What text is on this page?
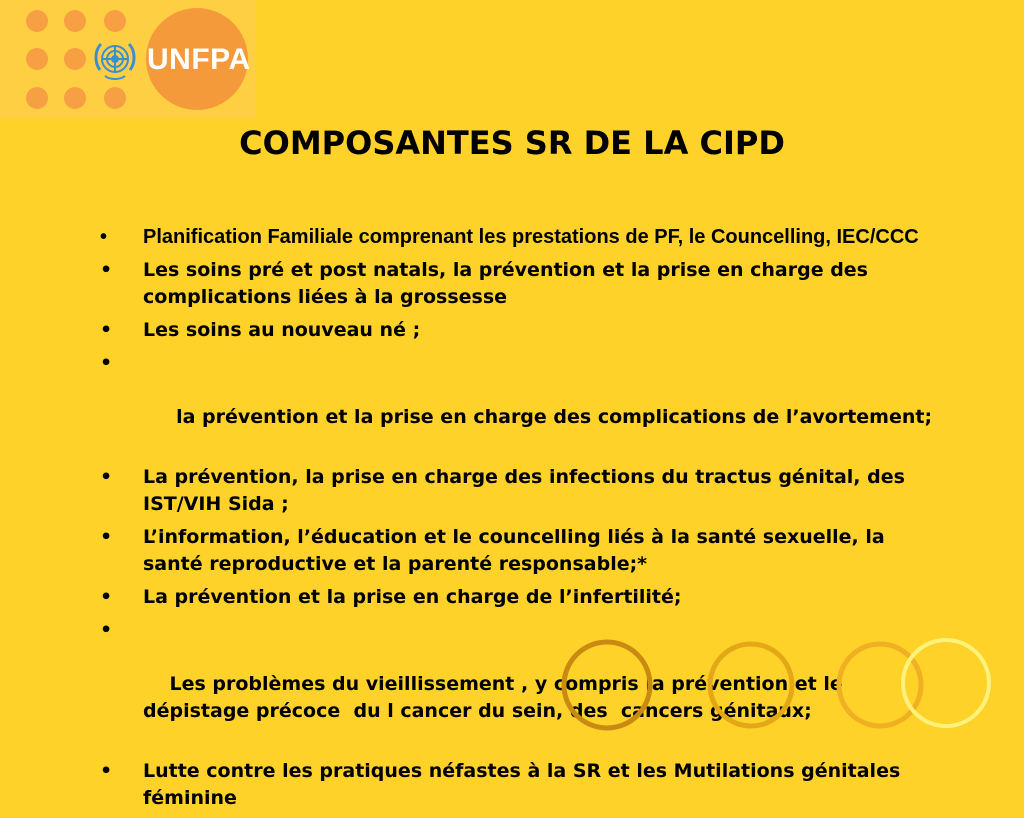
UNFPA
COMPOSANTES SR DE LA CIPD
•	Planification Familiale comprenant les prestations de PF, le Councelling, IEC/CCC
•	Les soins pré et post natals, la prévention et la prise en charge des complications liées à la grossesse
•	Les soins au nouveau né ;

•

la prévention et la prise en charge des complications de l’avortement;

•	La prévention, la prise en charge des infections du tractus génital, des IST/VIH Sida ;
•	L’information, l’éducation et le councelling liés à la santé sexuelle, la santé reproductive et la parenté responsable;*
•	La prévention et la prise en charge de l’infertilité;

•

Les problèmes du vieillissement , y compris la prévention et le dépistage précoce  du l cancer du sein, des  cancers génitaux;

•	Lutte contre les pratiques néfastes à la SR et les Mutilations génitales féminine
